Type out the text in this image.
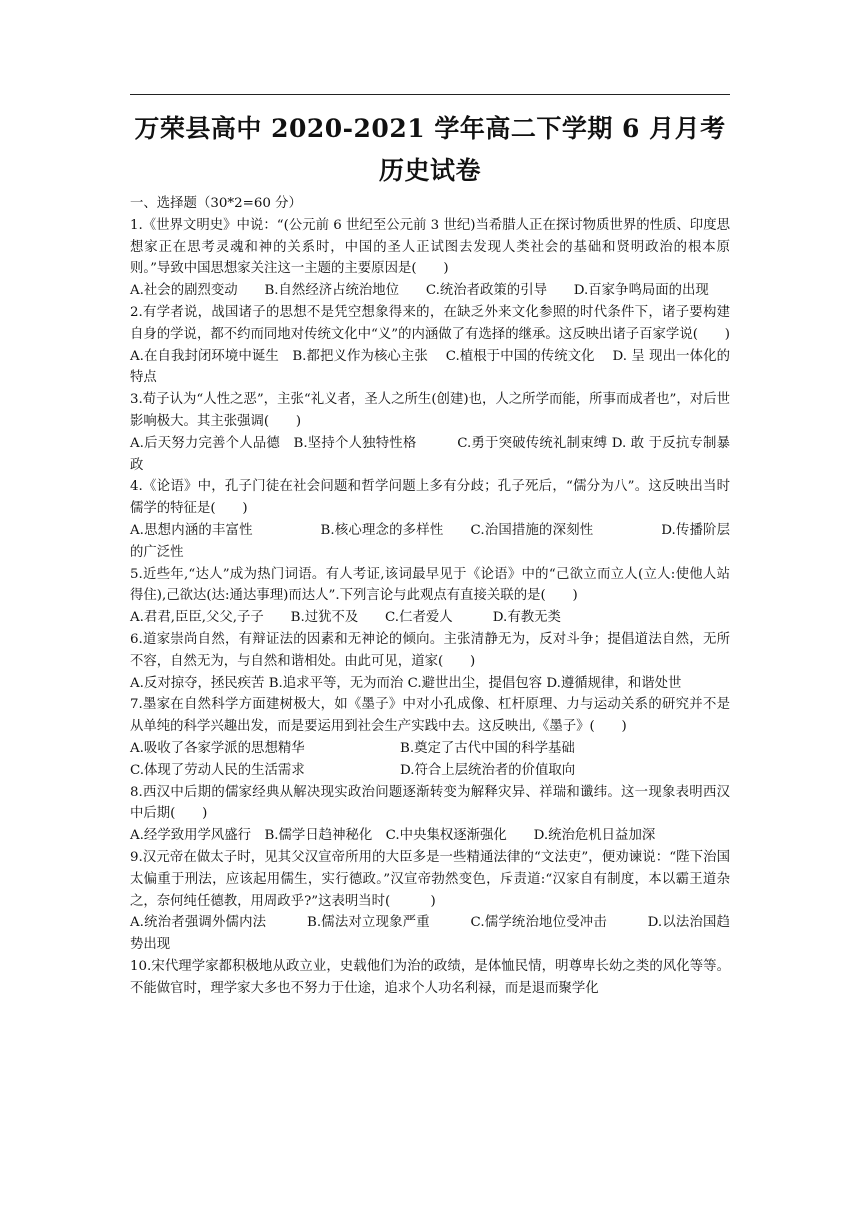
万荣县高中 2020-2021 学年高二下学期 6 月月考
历史试卷

一、选择题（30*2=60 分）

1.《世界文明史》中说：“(公元前 6 世纪至公元前 3 世纪)当希腊人正在探讨物质世界的性质、印度思想家正在思考灵魂和神的关系时，中国的圣人正试图去发现人类社会的基础和贤明政治的根本原则。”导致中国思想家关注这一主题的主要原因是(　　)

A.社会的剧烈变动　　B.自然经济占统治地位　　C.统治者政策的引导　　D.百家争鸣局面的出现

2.有学者说，战国诸子的思想不是凭空想象得来的，在缺乏外来文化参照的时代条件下，诸子要构建自身的学说，都不约而同地对传统文化中“义”的内涵做了有选择的继承。这反映出诸子百家学说(　　)

A.在自我封闭环境中诞生　B.都把义作为核心主张　 C.植根于中国的传统文化　 D. 呈 现出一体化的特点

3.荀子认为“人性之恶”，主张“礼义者，圣人之所生(创建)也，人之所学而能，所事而成者也”，对后世影响极大。其主张强调(　　)

A.后天努力完善个人品德　B.坚持个人独特性格　　　C.勇于突破传统礼制束缚 D. 敢 于反抗专制暴政

4.《论语》中，孔子门徒在社会问题和哲学问题上多有分歧；孔子死后，“儒分为八”。这反映出当时儒学的特征是(　　)

A.思想内涵的丰富性　　　　　B.核心理念的多样性　　C.治国措施的深刻性　　　　　D.传播阶层的广泛性

5.近些年,“达人”成为热门词语。有人考证,该词最早见于《论语》中的“己欲立而立人(立人:使他人站得住),己欲达(达:通达事理)而达人”.下列言论与此观点有直接关联的是(　　)

A.君君,臣臣,父父,子子　　B.过犹不及　　C.仁者爱人　　　D.有教无类

6.道家崇尚自然，有辩证法的因素和无神论的倾向。主张清静无为，反对斗争；提倡道法自然，无所不容，自然无为，与自然和谐相处。由此可见，道家(　　)

A.反对掠夺，拯民疾苦 B.追求平等，无为而治 C.避世出尘，提倡包容 D.遵循规律，和谐处世

7.墨家在自然科学方面建树极大，如《墨子》中对小孔成像、杠杆原理、力与运动关系的研究并不是从单纯的科学兴趣出发，而是要运用到社会生产实践中去。这反映出,《墨子》(　　)

A.吸收了各家学派的思想精华	B.奠定了古代中国的科学基础
C.体现了劳动人民的生活需求	D.符合上层统治者的价值取向

8.西汉中后期的儒家经典从解决现实政治问题逐渐转变为解释灾异、祥瑞和谶纬。这一现象表明西汉中后期(　　)

A.经学致用学风盛行　B.儒学日趋神秘化　C.中央集权逐渐强化　　D.统治危机日益加深

9.汉元帝在做太子时，见其父汉宣帝所用的大臣多是一些精通法律的“文法吏”，便劝谏说：“陛下治国太偏重于刑法，应该起用儒生，实行德政。”汉宣帝勃然变色，斥责道:“汉家自有制度，本以霸王道杂之，奈何纯任德教，用周政乎?”这表明当时(　　　)

A.统治者强调外儒内法　　　B.儒法对立现象严重　　　C.儒学统治地位受冲击　　　D.以法治国趋势出现

10.宋代理学家都积极地从政立业，史载他们为治的政绩，是体恤民情，明尊卑长幼之类的风化等等。不能做官时，理学家大多也不努力于仕途，追求个人功名利禄，而是退而聚学化
